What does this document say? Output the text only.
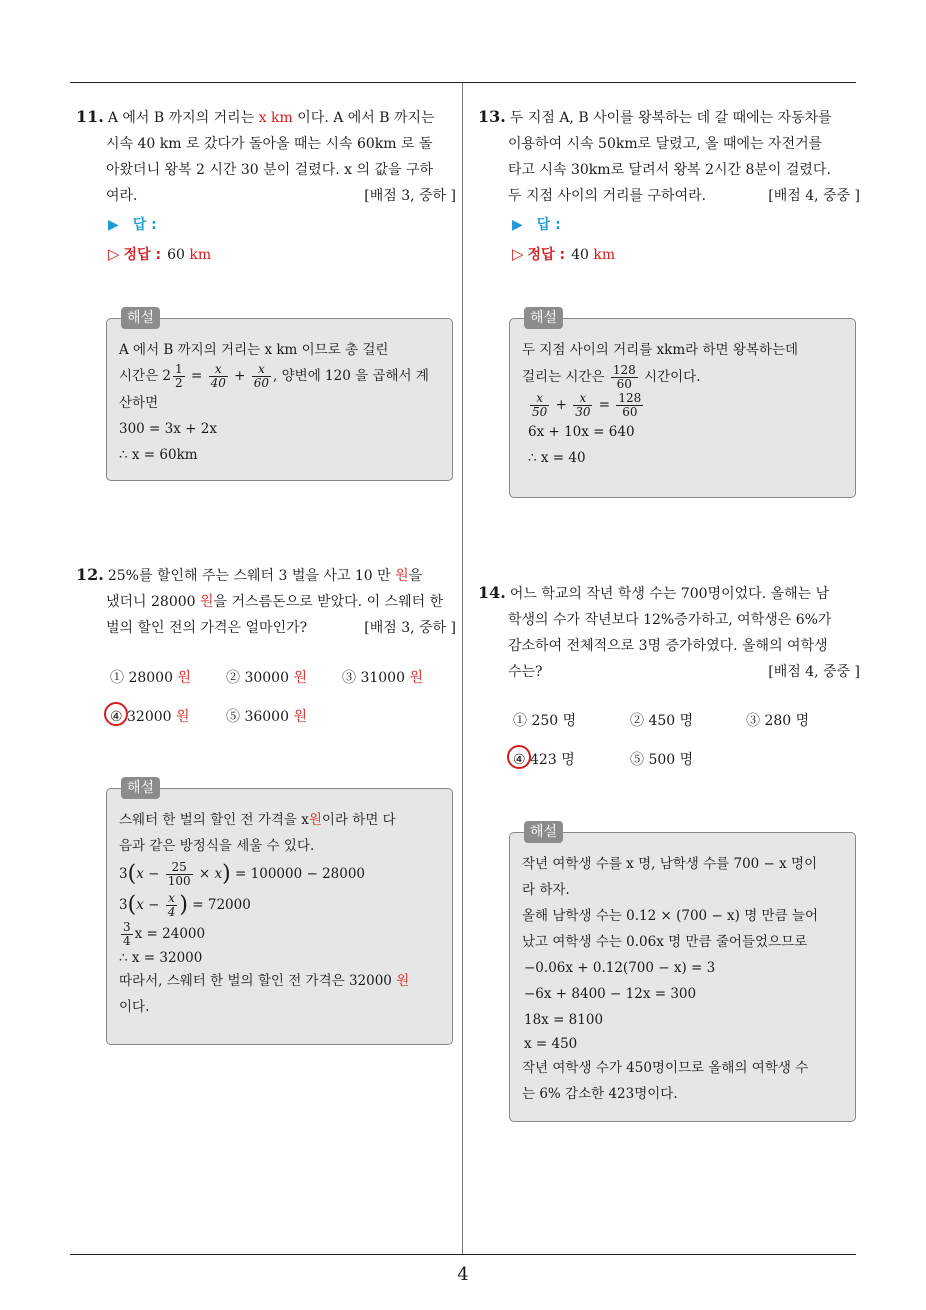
4
11. A 에서 B 까지의 거리는 x km 이다. A 에서 B 까지는
시속 40 km 로 갔다가 돌아올 때는 시속 60km 로 돌
아왔더니 왕복 2 시간 30 분이 걸렸다. x 의 값을 구하
여라.	[배점 3, 중하 ]
▶ 답 :
▷ 정답 : 60 km
해설
A 에서 B 까지의 거리는 x km 이므로 총 걸린
시간은 $2 \frac{1}{2} = \frac{x}{40} + \frac{x}{60}$ , 양변에 120 을 곱해서 계
산하면
300 = 3x + 2x
∴ x = 60km
12. 25%를 할인해 주는 스웨터 3 벌을 사고 10 만 원을
냈더니 28000 원을 거스름돈으로 받았다. 이 스웨터 한
벌의 할인 전의 가격은 얼마인가?	[배점 3, 중하 ]
① 28000 원	② 30000 원	③ 31000 원
④ 32000 원	⑤ 36000 원
해설
스웨터 한 벌의 할인 전 가격을 x원이라 하면 다
음과 같은 방정식을 세울 수 있다.
$3(x - \frac{25}{100} \times x) = 100000 - 28000$
$3(x - \frac{x}{4}$ ) = 72000
$\frac{3}{4}$ x = 24000
∴ x = 32000
따라서, 스웨터 한 벌의 할인 전 가격은 32000 원
이다.
13. 두 지점 A, B 사이를 왕복하는 데 갈 때에는 자동차를
이용하여 시속 50km로 달렸고, 올 때에는 자전거를
타고 시속 30km로 달려서 왕복 2시간 8분이 걸렸다.
두 지점 사이의 거리를 구하여라.	[배점 4, 중중 ]
▶ 답 :
▷ 정답 : 40 km
해설
두 지점 사이의 거리를 xkm라 하면 왕복하는데
걸리는 시간은 $\frac{128}{60}$ 시간이다.
$\frac{x}{50} + \frac{x}{30} = \frac{128}{60}$
6x + 10x = 640
∴ x = 40
14. 어느 학교의 작년 학생 수는 700명이었다. 올해는 남
학생의 수가 작년보다 12%증가하고, 여학생은 6%가
감소하여 전체적으로 3명 증가하였다. 올해의 여학생
수는?	[배점 4, 중중 ]
① 250 명	② 450 명	③ 280 명
④ 423 명	⑤ 500 명
해설
작년 여학생 수를 x 명, 남학생 수를 700 − x 명이
라 하자.
올해 남학생 수는 0.12 × (700 − x) 명 만큼 늘어
났고 여학생 수는 0.06x 명 만큼 줄어들었으므로
−0.06x + 0.12(700 − x) = 3
−6x + 8400 − 12x = 300
18x = 8100
x = 450
작년 여학생 수가 450명이므로 올해의 여학생 수
는 6% 감소한 423명이다.
